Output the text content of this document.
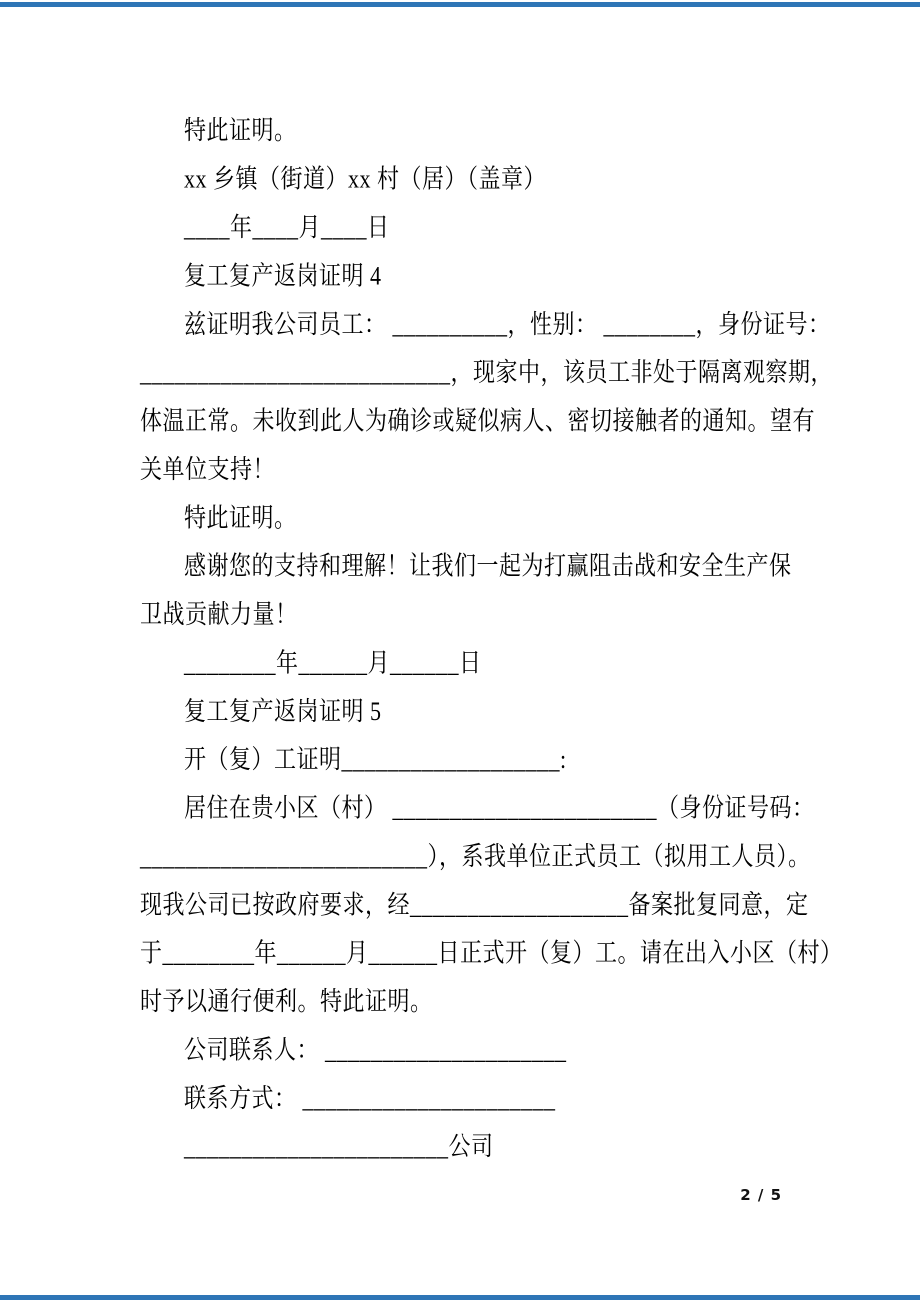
特此证明。

xx 乡镇（街道）xx 村（居）（盖章）

____年____月____日

复工复产返岗证明 4

兹证明我公司员工： __________，性别： ________，身份证号：

___________________________，现家中，该员工非处于隔离观察期，

体温正常。未收到此人为确诊或疑似病人、密切接触者的通知。望有

关单位支持！

特此证明。

感谢您的支持和理解！让我们一起为打赢阻击战和安全生产保

卫战贡献力量！

________年______月______日

复工复产返岗证明 5

开（复）工证明___________________:

居住在贵小区（村） _______________________（身份证号码：

_________________________），系我单位正式员工（拟用工人员）。

现我公司已按政府要求，经___________________备案批复同意，定

于________年______月______日正式开（复）工。请在出入小区（村）

时予以通行便利。特此证明。

公司联系人： _____________________

联系方式： ______________________

_______________________公司

2 / 5
